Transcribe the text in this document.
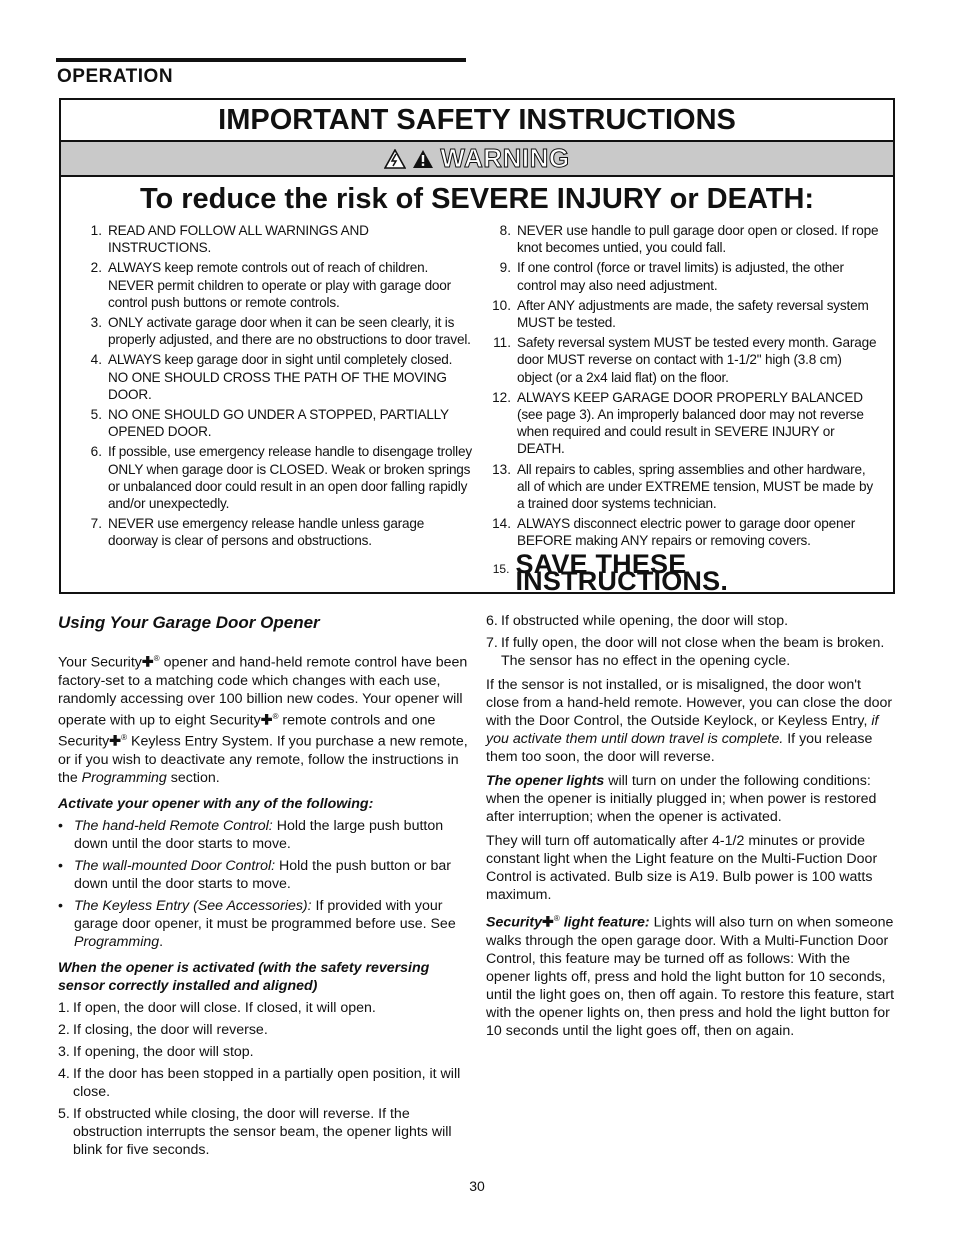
OPERATION
IMPORTANT SAFETY INSTRUCTIONS
WARNING
To reduce the risk of SEVERE INJURY or DEATH:
1. READ AND FOLLOW ALL WARNINGS AND INSTRUCTIONS.
2. ALWAYS keep remote controls out of reach of children. NEVER permit children to operate or play with garage door control push buttons or remote controls.
3. ONLY activate garage door when it can be seen clearly, it is properly adjusted, and there are no obstructions to door travel.
4. ALWAYS keep garage door in sight until completely closed. NO ONE SHOULD CROSS THE PATH OF THE MOVING DOOR.
5. NO ONE SHOULD GO UNDER A STOPPED, PARTIALLY OPENED DOOR.
6. If possible, use emergency release handle to disengage trolley ONLY when garage door is CLOSED. Weak or broken springs or unbalanced door could result in an open door falling rapidly and/or unexpectedly.
7. NEVER use emergency release handle unless garage doorway is clear of persons and obstructions.
8. NEVER use handle to pull garage door open or closed. If rope knot becomes untied, you could fall.
9. If one control (force or travel limits) is adjusted, the other control may also need adjustment.
10. After ANY adjustments are made, the safety reversal system MUST be tested.
11. Safety reversal system MUST be tested every month. Garage door MUST reverse on contact with 1-1/2" high (3.8 cm) object (or a 2x4 laid flat) on the floor.
12. ALWAYS KEEP GARAGE DOOR PROPERLY BALANCED (see page 3). An improperly balanced door may not reverse when required and could result in SEVERE INJURY or DEATH.
13. All repairs to cables, spring assemblies and other hardware, all of which are under EXTREME tension, MUST be made by a trained door systems technician.
14. ALWAYS disconnect electric power to garage door opener BEFORE making ANY repairs or removing covers.
15. SAVE THESE INSTRUCTIONS.
Using Your Garage Door Opener

Your Security✚® opener and hand-held remote control have been factory-set to a matching code which changes with each use, randomly accessing over 100 billion new codes. Your opener will operate with up to eight Security✚® remote controls and one Security✚® Keyless Entry System. If you purchase a new remote, or if you wish to deactivate any remote, follow the instructions in the Programming section.

Activate your opener with any of the following:

• The hand-held Remote Control: Hold the large push button down until the door starts to move.
• The wall-mounted Door Control: Hold the push button or bar down until the door starts to move.
• The Keyless Entry (See Accessories): If provided with your garage door opener, it must be programmed before use. See Programming.

When the opener is activated (with the safety reversing sensor correctly installed and aligned)

1. If open, the door will close. If closed, it will open.
2. If closing, the door will reverse.
3. If opening, the door will stop.
4. If the door has been stopped in a partially open position, it will close.
5. If obstructed while closing, the door will reverse. If the obstruction interrupts the sensor beam, the opener lights will blink for five seconds.
6. If obstructed while opening, the door will stop.
7. If fully open, the door will not close when the beam is broken. The sensor has no effect in the opening cycle.

If the sensor is not installed, or is misaligned, the door won't close from a hand-held remote. However, you can close the door with the Door Control, the Outside Keylock, or Keyless Entry, if you activate them until down travel is complete. If you release them too soon, the door will reverse.

The opener lights will turn on under the following conditions: when the opener is initially plugged in; when power is restored after interruption; when the opener is activated.

They will turn off automatically after 4-1/2 minutes or provide constant light when the Light feature on the Multi-Fuction Door Control is activated. Bulb size is A19. Bulb power is 100 watts maximum.

Security✚® light feature: Lights will also turn on when someone walks through the open garage door. With a Multi-Function Door Control, this feature may be turned off as follows: With the opener lights off, press and hold the light button for 10 seconds, until the light goes on, then off again. To restore this feature, start with the opener lights on, then press and hold the light button for 10 seconds until the light goes off, then on again.

30
